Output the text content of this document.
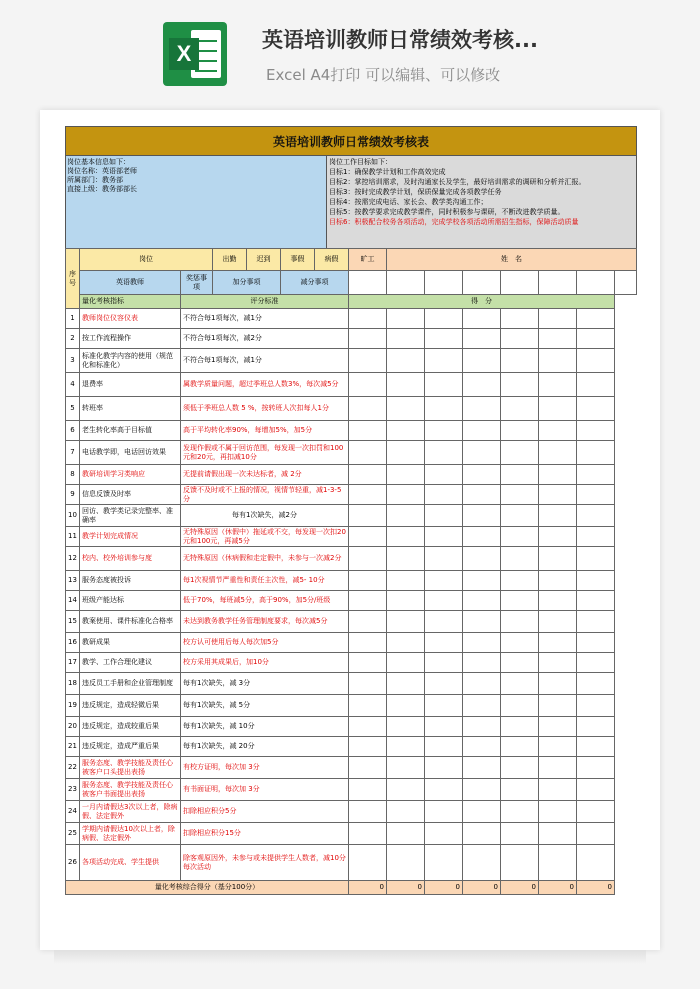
X
英语培训教师日常绩效考核...
Excel A4打印 可以编辑、可以修改
英语培训教师日常绩效考核表
岗位基本信息如下：
岗位名称：英语部老师
所属部门：教务部
直接上级：教务部部长
岗位工作目标如下：
目标1：确保教学计划和工作高效完成
目标2：掌控培训需求，及时沟通家长及学生，最好培训需求的调研和分析并汇报。
目标3：按时完成教学计划，保质保量完成各项教学任务
目标4：按需完成电话、家长会、教学类沟通工作；
目标5：按教学要求完成教学课件，同时积极参与课研，不断改进教学质量。
目标6：积极配合校务各项活动，完成学校各项活动所需招生指标，保障活动质量
序号	岗位		出勤	迟到	事假	病假	旷工	姓　名						
	英语教师	奖惩事项	加分事项		减分事项									
	量化考核指标	评分标准					得　分							
1	教师岗位仪容仪表	不符合每1项每次，减1分												
2	按工作流程操作	不符合每1项每次，减2分												
3	标准化教学内容的使用（规范化和标准化）	不符合每1项每次，减1分												
4	退费率	属教学质量问题，超过季班总人数3%，每次减5分												
5	转班率	须低于季班总人数 5 %，按转班人次扣每人1分												
6	老生转化率高于目标值	高于平均转化率90%，每增加5%，加5分												
7	电话教学即，电话回访效果	发现作假或不属于回访范围，每发现一次扣罚和100元和20元，再扣减10分												
8	教研培训学习类响应	无提前请假出现一次未达标者，减 2分												
9	信息反馈及时率	反馈不及时或不上报的情况，视情节轻重，减1-3-5分												
10	回访、教学类记录完整率、准确率	每有1次缺失，减2分												
11	教学计划完成情况	无特殊原因（休假中）拖延或不交，每发现一次扣20元和100元，再减5分												
12	校内、校外培训参与度	无特殊原因（休病假和走定假中，未参与一次减2分												
13	服务态度被投诉	每1次视情节严重性和责任主次性，减5- 10分												
14	班级产能达标	低于70%，每班减5分，高于90%，加5分/班级												
15	教案使用、课件标准化合格率	未达到教务教学任务管理制度要求，每次减5分												
16	教研成果	校方认可使用后每人每次加5分												
17	教学、工作合理化建议	校方采用其成果后，加10分												
18	违反员工手册和企业管理制度	每有1次缺失，减 3分												
19	违反规定，造成轻微后果	每有1次缺失，减 5分												
20	违反规定，造成较重后果	每有1次缺失，减 10分												
21	违反规定，造成严重后果	每有1次缺失，减 20分												
22	服务态度、教学技能及责任心被客户口头提出表扬	有校方证明，每次加 3分												
23	服务态度、教学技能及责任心被客户书面提出表扬	有书面证明，每次加 3分												
24	一月内请假达3次以上者，除病假、法定假外	扣除相应积分5分												
25	学期内请假达10次以上者，除病假、法定假外	扣除相应积分15分												
26	各项活动完成、学生提供	除客观原因外，未参与或未提供学生人数者，减10分每次活动												
量化考核综合得分（基分100分）							0	0	0	0	0	0	0	
